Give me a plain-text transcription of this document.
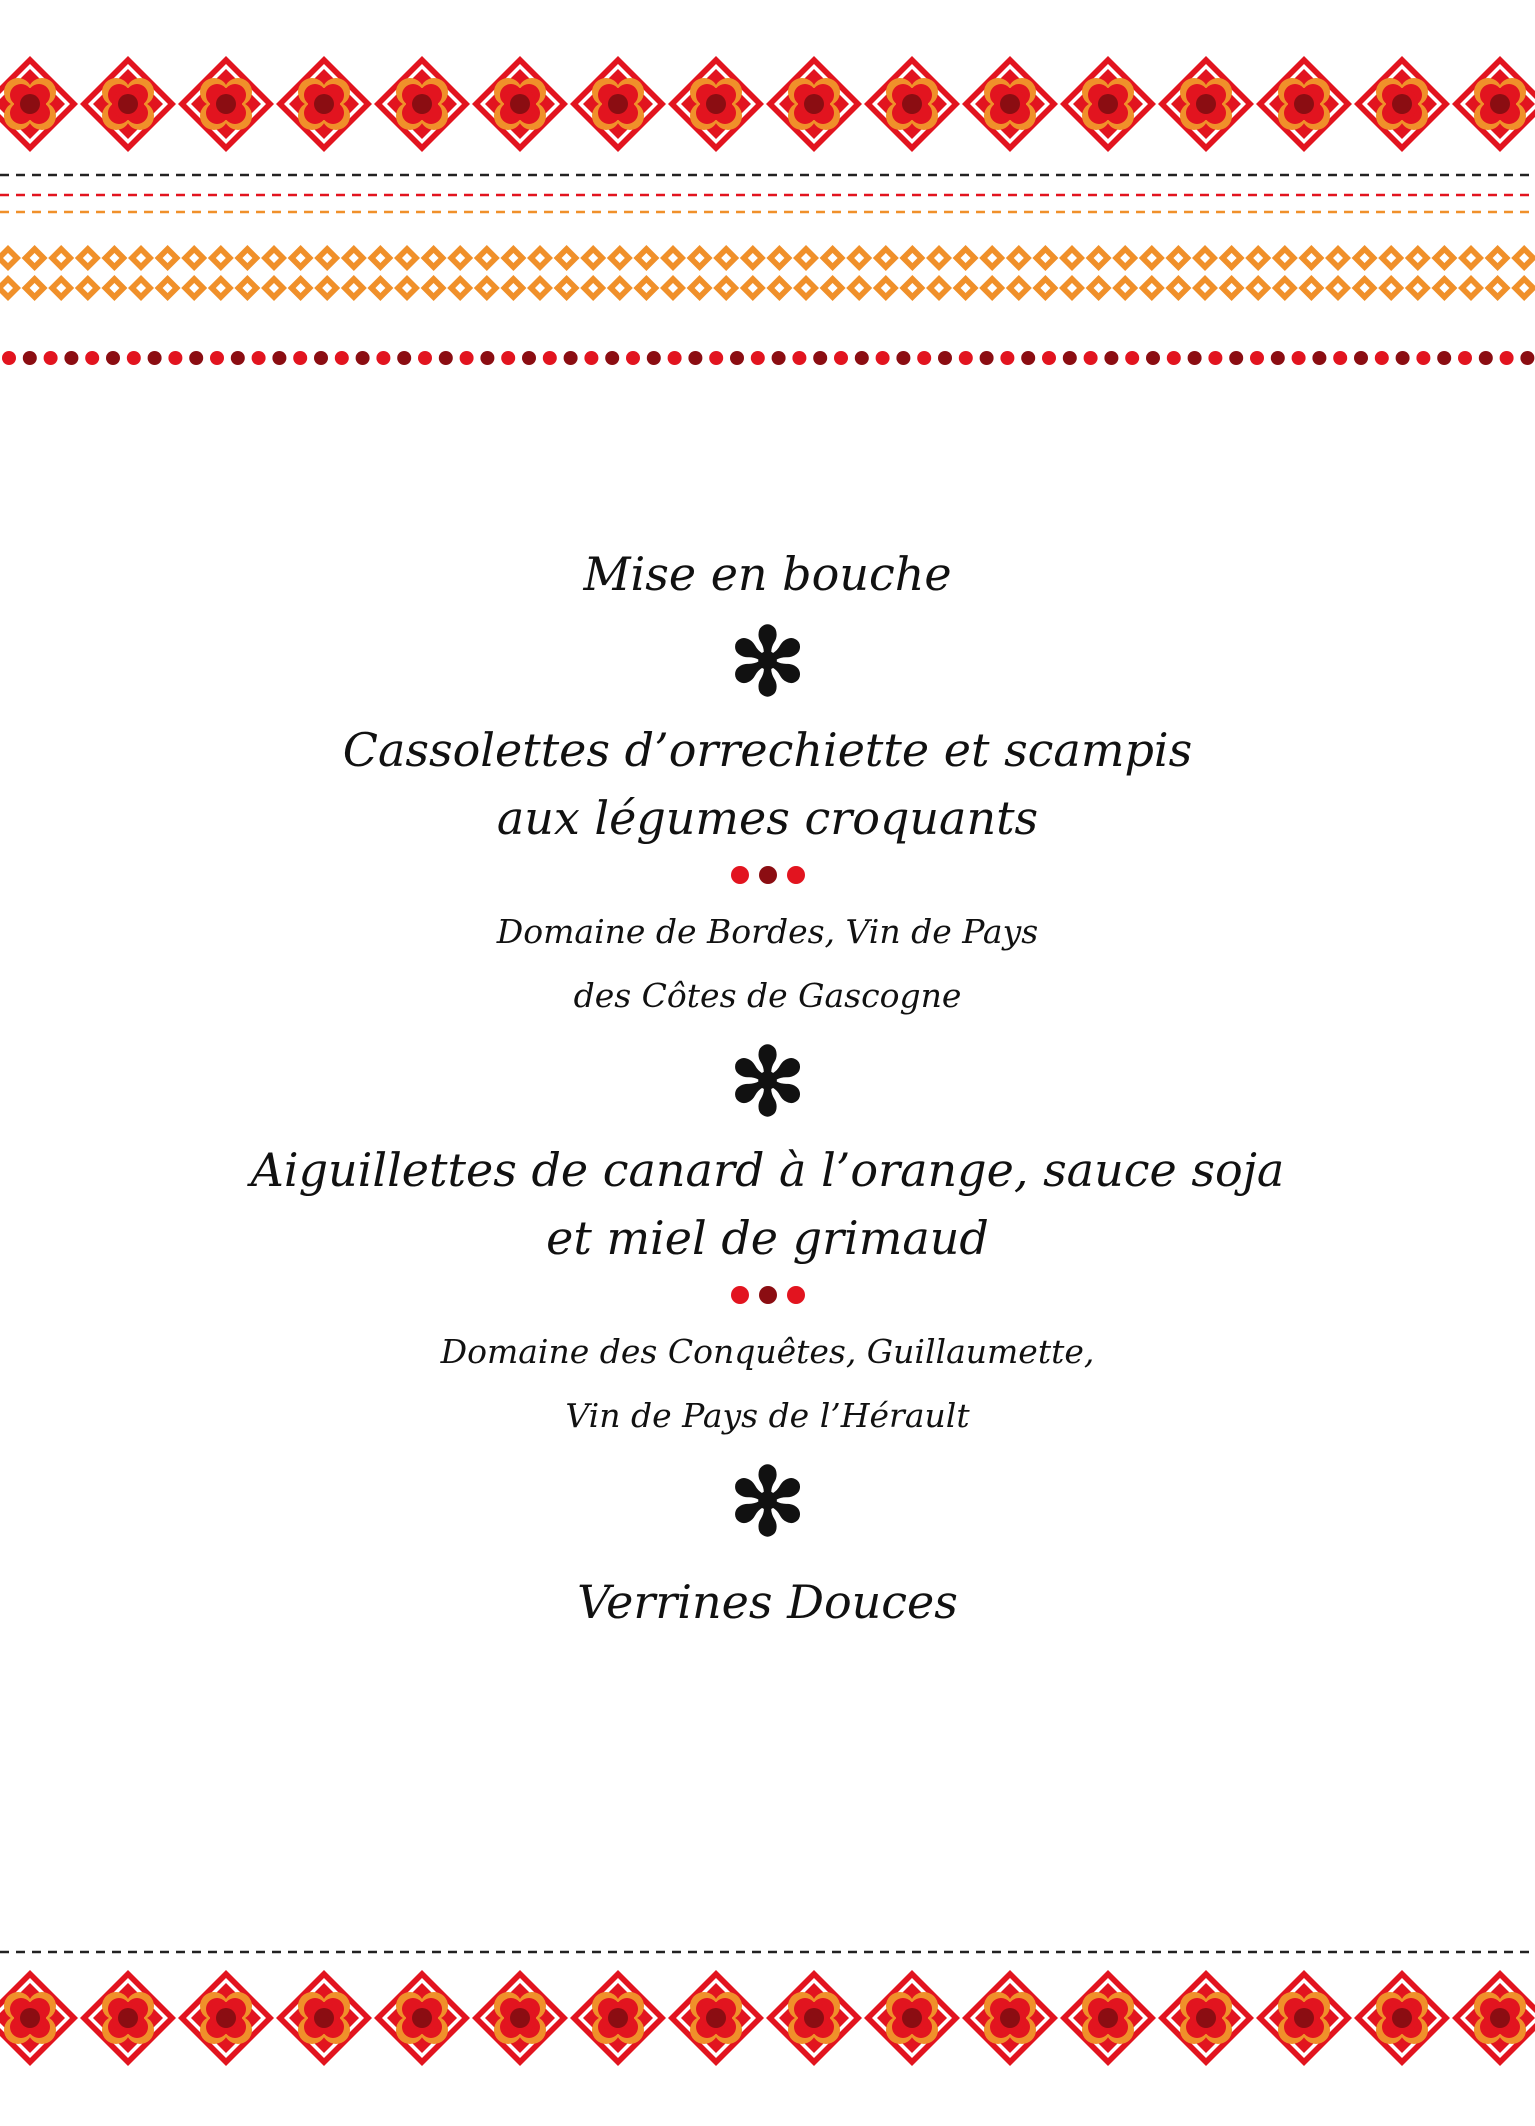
Mise en bouche

✻

Cassolettes d’orrechiette et scampis

aux légumes croquants

Domaine de Bordes, Vin de Pays

des Côtes de Gascogne

✻

Aiguillettes de canard à l’orange, sauce soja

et miel de grimaud

Domaine des Conquêtes, Guillaumette,

Vin de Pays de l’Hérault

✻

Verrines Douces
